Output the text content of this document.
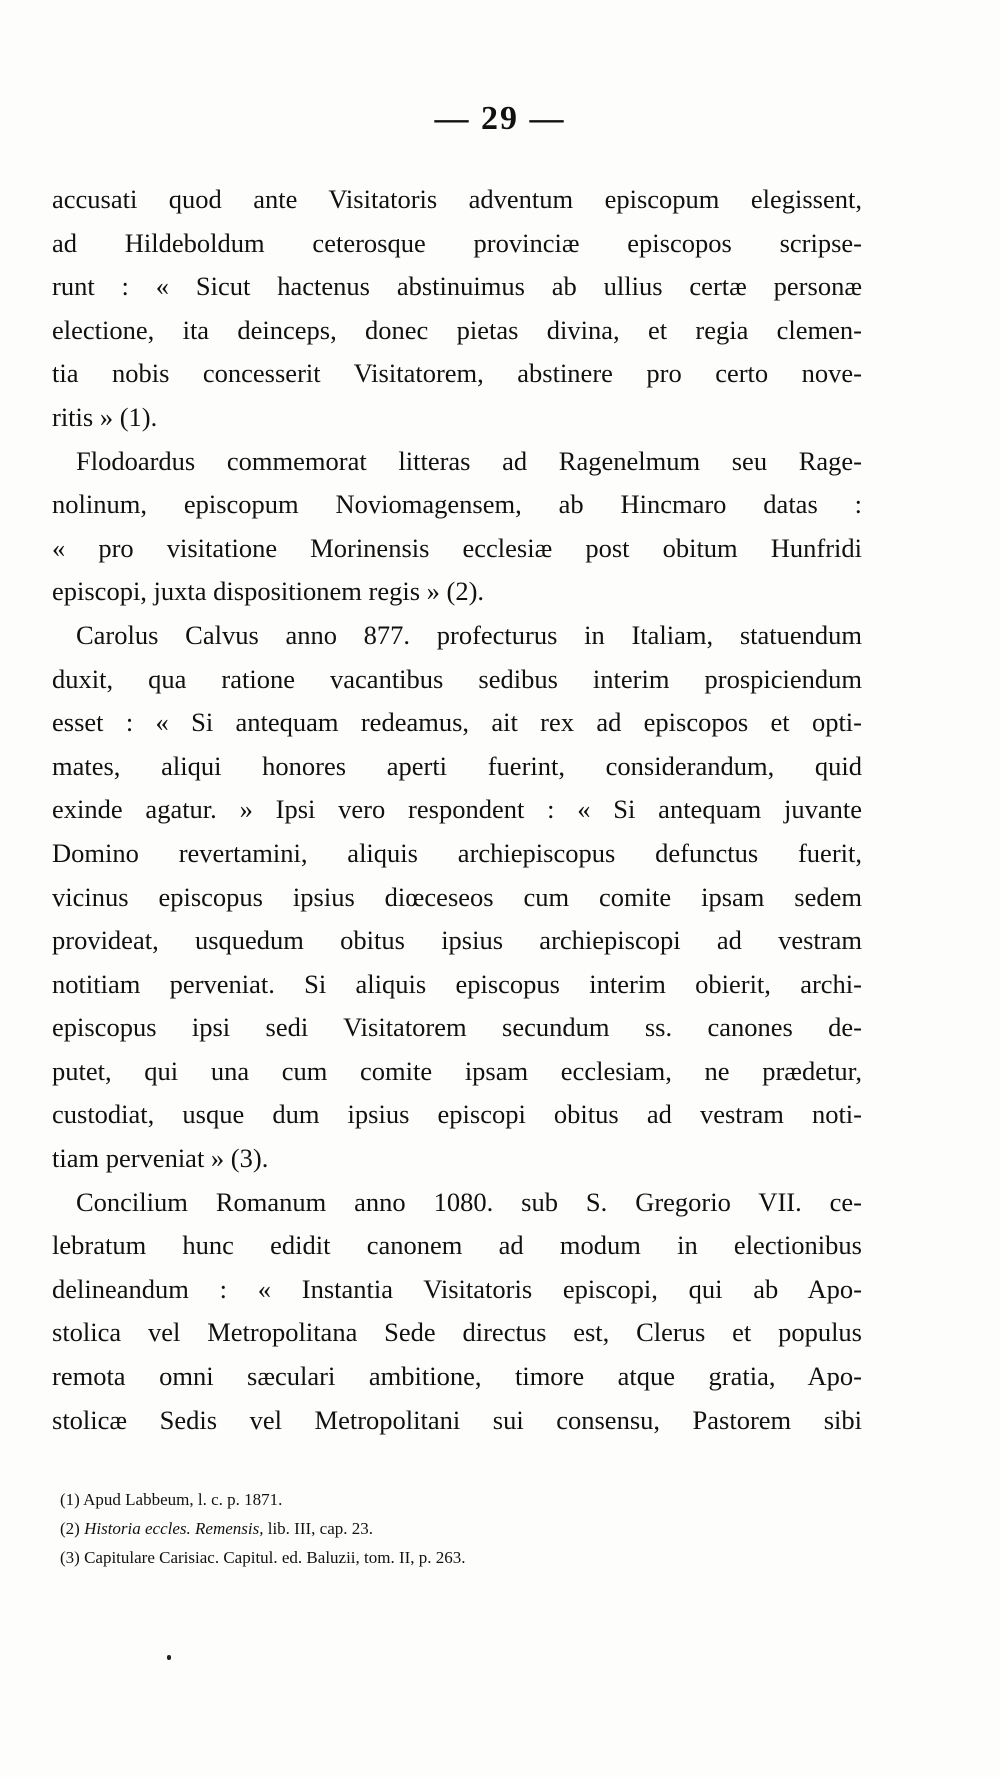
— 29 —
accusati quod ante Visitatoris adventum episcopum elegissent,
ad Hildeboldum ceterosque provinciæ episcopos scripse-
runt : « Sicut hactenus abstinuimus ab ullius certæ personæ
electione, ita deinceps, donec pietas divina, et regia clemen-
tia nobis concesserit Visitatorem, abstinere pro certo nove-
ritis » (1).
Flodoardus commemorat litteras ad Ragenelmum seu Rage-
nolinum, episcopum Noviomagensem, ab Hincmaro datas :
« pro visitatione Morinensis ecclesiæ post obitum Hunfridi
episcopi, juxta dispositionem regis » (2).
Carolus Calvus anno 877. profecturus in Italiam, statuendum
duxit, qua ratione vacantibus sedibus interim prospiciendum
esset : « Si antequam redeamus, ait rex ad episcopos et opti-
mates, aliqui honores aperti fuerint, considerandum, quid
exinde agatur. » Ipsi vero respondent : « Si antequam juvante
Domino revertamini, aliquis archiepiscopus defunctus fuerit,
vicinus episcopus ipsius diœceseos cum comite ipsam sedem
provideat, usquedum obitus ipsius archiepiscopi ad vestram
notitiam perveniat. Si aliquis episcopus interim obierit, archi-
episcopus ipsi sedi Visitatorem secundum ss. canones de-
putet, qui una cum comite ipsam ecclesiam, ne prædetur,
custodiat, usque dum ipsius episcopi obitus ad vestram noti-
tiam perveniat » (3).
Concilium Romanum anno 1080. sub S. Gregorio VII. ce-
lebratum hunc edidit canonem ad modum in electionibus
delineandum : « Instantia Visitatoris episcopi, qui ab Apo-
stolica vel Metropolitana Sede directus est, Clerus et populus
remota omni sæculari ambitione, timore atque gratia, Apo-
stolicæ Sedis vel Metropolitani sui consensu, Pastorem sibi
(1) Apud Labbeum, l. c. p. 1871.
(2) Historia eccles. Remensis, lib. III, cap. 23.
(3) Capitulare Carisiac. Capitul. ed. Baluzii, tom. II, p. 263.
